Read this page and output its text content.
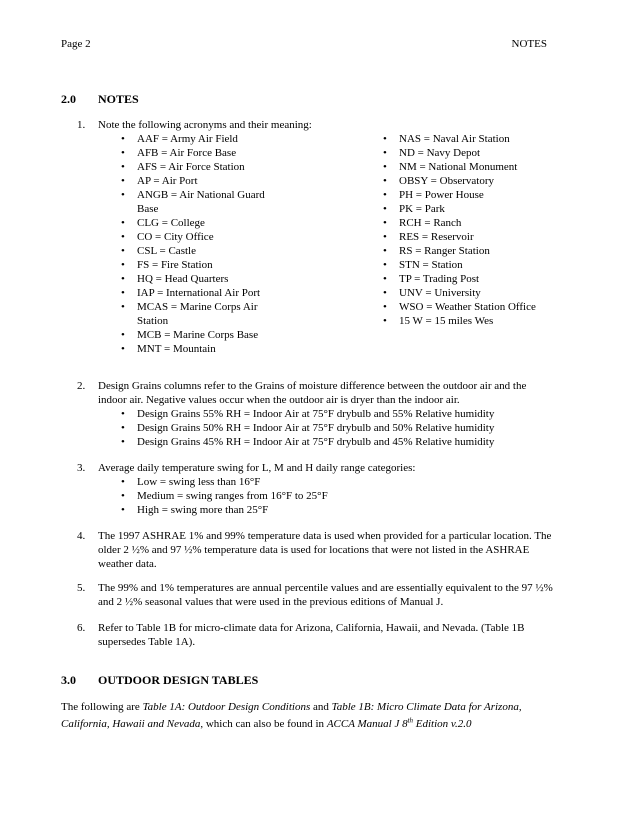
Page 2	NOTES
2.0 NOTES
1. Note the following acronyms and their meaning:
• AAF = Army Air Field
• AFB = Air Force Base
• AFS = Air Force Station
• AP = Air Port
• ANGB = Air National Guard Base
• CLG = College
• CO = City Office
• CSL = Castle
• FS = Fire Station
• HQ = Head Quarters
• IAP = International Air Port
• MCAS = Marine Corps Air Station
• MCB = Marine Corps Base
• MNT = Mountain
• NAS = Naval Air Station
• ND = Navy Depot
• NM = National Monument
• OBSY = Observatory
• PH = Power House
• PK = Park
• RCH = Ranch
• RES = Reservoir
• RS = Ranger Station
• STN = Station
• TP = Trading Post
• UNV = University
• WSO = Weather Station Office
• 15 W = 15 miles Wes
2. Design Grains columns refer to the Grains of moisture difference between the outdoor air and the indoor air. Negative values occur when the outdoor air is dryer than the indoor air.
• Design Grains 55% RH = Indoor Air at 75°F drybulb and 55% Relative humidity
• Design Grains 50% RH = Indoor Air at 75°F drybulb and 50% Relative humidity
• Design Grains 45% RH = Indoor Air at 75°F drybulb and 45% Relative humidity
3. Average daily temperature swing for L, M and H daily range categories:
• Low = swing less than 16°F
• Medium = swing ranges from 16°F to 25°F
• High = swing more than 25°F
4. The 1997 ASHRAE 1% and 99% temperature data is used when provided for a particular location. The older 2 ½% and 97 ½% temperature data is used for locations that were not listed in the ASHRAE weather data.
5. The 99% and 1% temperatures are annual percentile values and are essentially equivalent to the 97 ½% and 2 ½% seasonal values that were used in the previous editions of Manual J.
6. Refer to Table 1B for micro-climate data for Arizona, California, Hawaii, and Nevada. (Table 1B supersedes Table 1A).
3.0 OUTDOOR DESIGN TABLES
The following are Table 1A: Outdoor Design Conditions and Table 1B: Micro Climate Data for Arizona, California, Hawaii and Nevada, which can also be found in ACCA Manual J 8th Edition v.2.0
